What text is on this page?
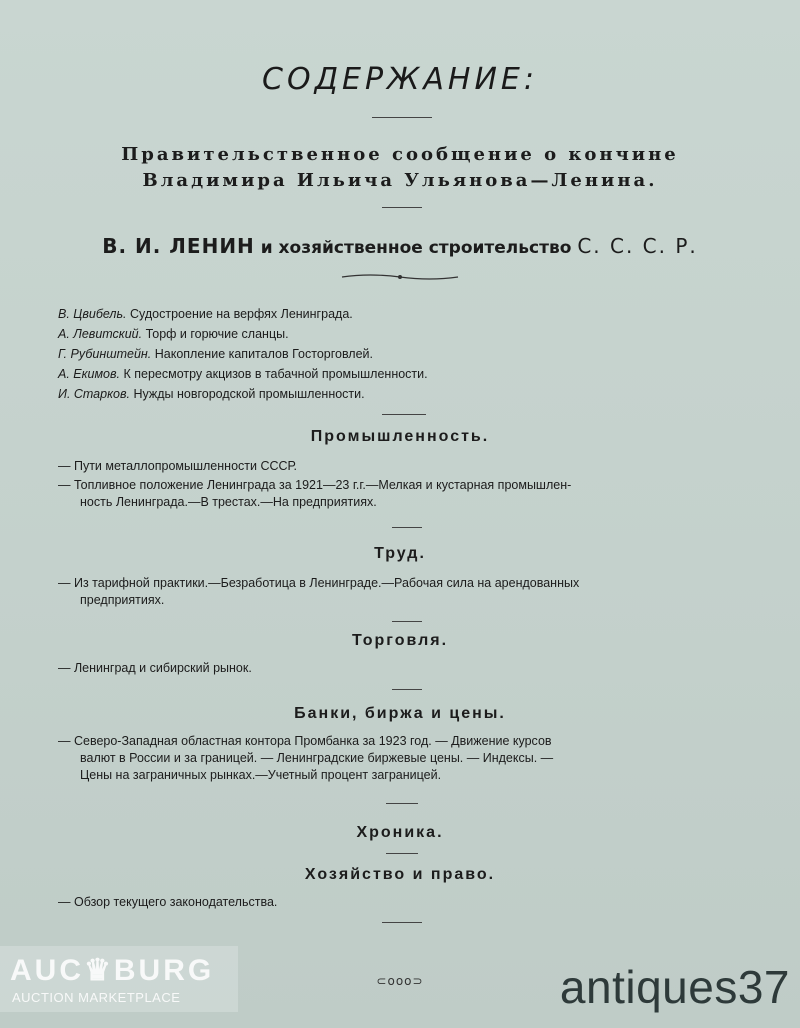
СОДЕРЖАНИЕ:
Правительственное сообщение о кончине
Владимира Ильича Ульянова—Ленина.
В. И. ЛЕНИН и хозяйственное строительство С. С. С. Р.
В. Цвибель. Судостроение на верфях Ленинграда.
А. Левитский. Торф и горючие сланцы.
Г. Рубинштейн. Накопление капиталов Госторговлей.
А. Екимов. К пересмотру акцизов в табачной промышленности.
И. Старков. Нужды новгородской промышленности.
Промышленность.
— Пути металлопромышленности СССР.
— Топливное положение Ленинграда за 1921—23 г.г.—Мелкая и кустарная промышлен-
ность Ленинграда.—В трестах.—На предприятиях.
Труд.
— Из тарифной практики.—Безработица в Ленинграде.—Рабочая сила на арендованных
предприятиях.
Торговля.
— Ленинград и сибирский рынок.
Банки, биржа и цены.
— Северо-Западная областная контора Промбанка за 1923 год. — Движение курсов
валют в России и за границей. — Ленинградские биржевые цены. — Индексы. —
Цены на заграничных рынках.—Учетный процент заграницей.
Хроника.
Хозяйство и право.
— Обзор текущего законодательства.
⊂ооо⊃
AUC♛BURG
AUCTION MARKETPLACE	antiques37
